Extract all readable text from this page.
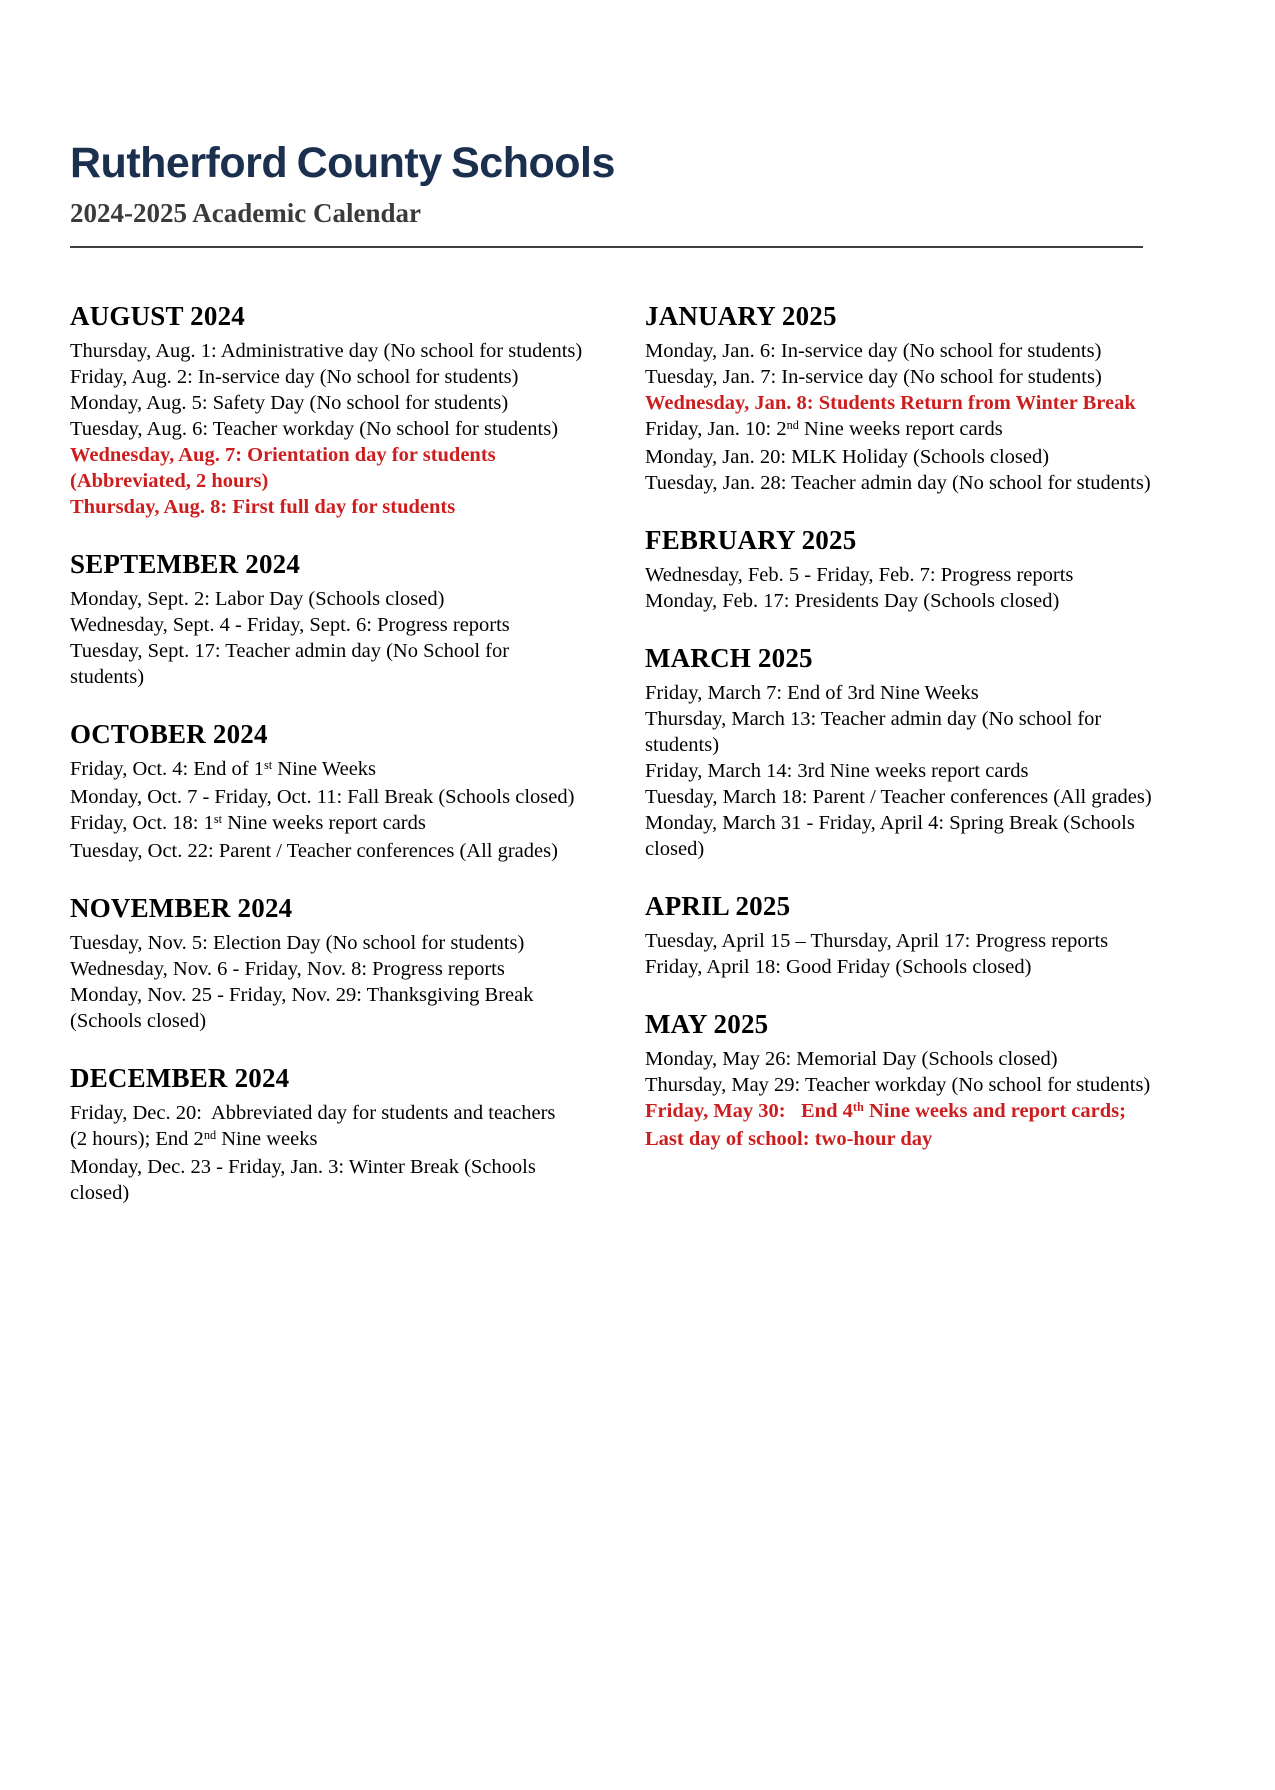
Rutherford County Schools
2024-2025 Academic Calendar
AUGUST 2024

Thursday, Aug. 1: Administrative day (No school for students)

Friday, Aug. 2: In-service day (No school for students)

Monday, Aug. 5: Safety Day (No school for students)

Tuesday, Aug. 6: Teacher workday (No school for students)

Wednesday, Aug. 7: Orientation day for students
(Abbreviated, 2 hours)

Thursday, Aug. 8: First full day for students

SEPTEMBER 2024

Monday, Sept. 2: Labor Day (Schools closed)

Wednesday, Sept. 4 - Friday, Sept. 6: Progress reports

Tuesday, Sept. 17: Teacher admin day (No School for
students)

OCTOBER 2024

Friday, Oct. 4: End of 1st Nine Weeks

Monday, Oct. 7 - Friday, Oct. 11: Fall Break (Schools closed)

Friday, Oct. 18: 1st Nine weeks report cards

Tuesday, Oct. 22: Parent / Teacher conferences (All grades)

NOVEMBER 2024

Tuesday, Nov. 5: Election Day (No school for students)

Wednesday, Nov. 6 - Friday, Nov. 8: Progress reports

Monday, Nov. 25 - Friday, Nov. 29: Thanksgiving Break
(Schools closed)

DECEMBER 2024

Friday, Dec. 20:  Abbreviated day for students and teachers
(2 hours); End 2nd Nine weeks

Monday, Dec. 23 - Friday, Jan. 3: Winter Break (Schools
closed)

JANUARY 2025

Monday, Jan. 6: In-service day (No school for students)

Tuesday, Jan. 7: In-service day (No school for students)

Wednesday, Jan. 8: Students Return from Winter Break

Friday, Jan. 10: 2nd Nine weeks report cards

Monday, Jan. 20: MLK Holiday (Schools closed)

Tuesday, Jan. 28: Teacher admin day (No school for students)

FEBRUARY 2025

Wednesday, Feb. 5 - Friday, Feb. 7: Progress reports

Monday, Feb. 17: Presidents Day (Schools closed)

MARCH 2025

Friday, March 7: End of 3rd Nine Weeks

Thursday, March 13: Teacher admin day (No school for
students)

Friday, March 14: 3rd Nine weeks report cards

Tuesday, March 18: Parent / Teacher conferences (All grades)

Monday, March 31 - Friday, April 4: Spring Break (Schools
closed)

APRIL 2025

Tuesday, April 15 – Thursday, April 17: Progress reports

Friday, April 18: Good Friday (Schools closed)

MAY 2025

Monday, May 26: Memorial Day (Schools closed)

Thursday, May 29: Teacher workday (No school for students)

Friday, May 30:   End 4th Nine weeks and report cards;
Last day of school: two-hour day
